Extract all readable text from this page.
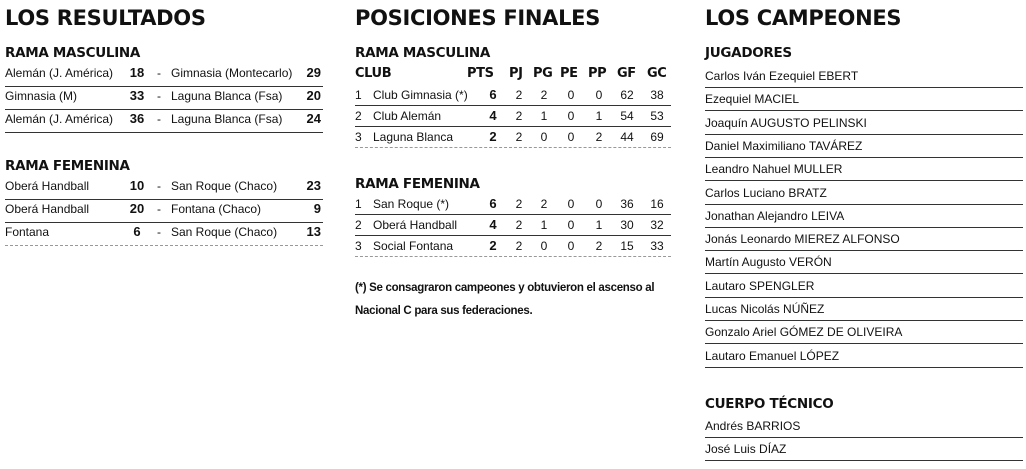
LOS RESULTADOS
RAMA MASCULINA
Alemán (J. América) 18	- Gimnasia (Montecarlo) 29
Gimnasia (M)	33	- Laguna Blanca (Fsa) 20
Alemán (J. América) 36	- Laguna Blanca (Fsa) 24
RAMA FEMENINA
Oberá Handball	10	- San Roque (Chaco) 23
Oberá Handball	20	- Fontana (Chaco)	9
Fontana	6	- San Roque (Chaco) 13
POSICIONES FINALES
RAMA MASCULINA
CLUB	PTS PJ PG PE PP GF GC
1 Club Gimnasia (*)	6	2	2	0	0	62	38
2 Club Alemán	4	2	1	0	1	54	53
3 Laguna Blanca	2	2	0	0	2	44	69
RAMA FEMENINA
1 San Roque (*)	6	2	2	0	0	36	16
2 Oberá Handball	4	2	1	0	1	30	32
3 Social Fontana	2	2	0	0	2	15	33
(*) Se consagraron campeones y obtuvieron el ascenso al Nacional C para sus federaciones.
LOS CAMPEONES
JUGADORES
Carlos Iván Ezequiel EBERT
Ezequiel MACIEL
Joaquín AUGUSTO PELINSKI
Daniel Maximiliano TAVÁREZ
Leandro Nahuel MULLER
Carlos Luciano BRATZ
Jonathan Alejandro LEIVA
Jonás Leonardo MIEREZ ALFONSO
Martín Augusto VERÓN
Lautaro SPENGLER
Lucas Nicolás NÚÑEZ
Gonzalo Ariel GÓMEZ DE OLIVEIRA
Lautaro Emanuel LÓPEZ
CUERPO TÉCNICO
Andrés BARRIOS
José Luis DÍAZ
